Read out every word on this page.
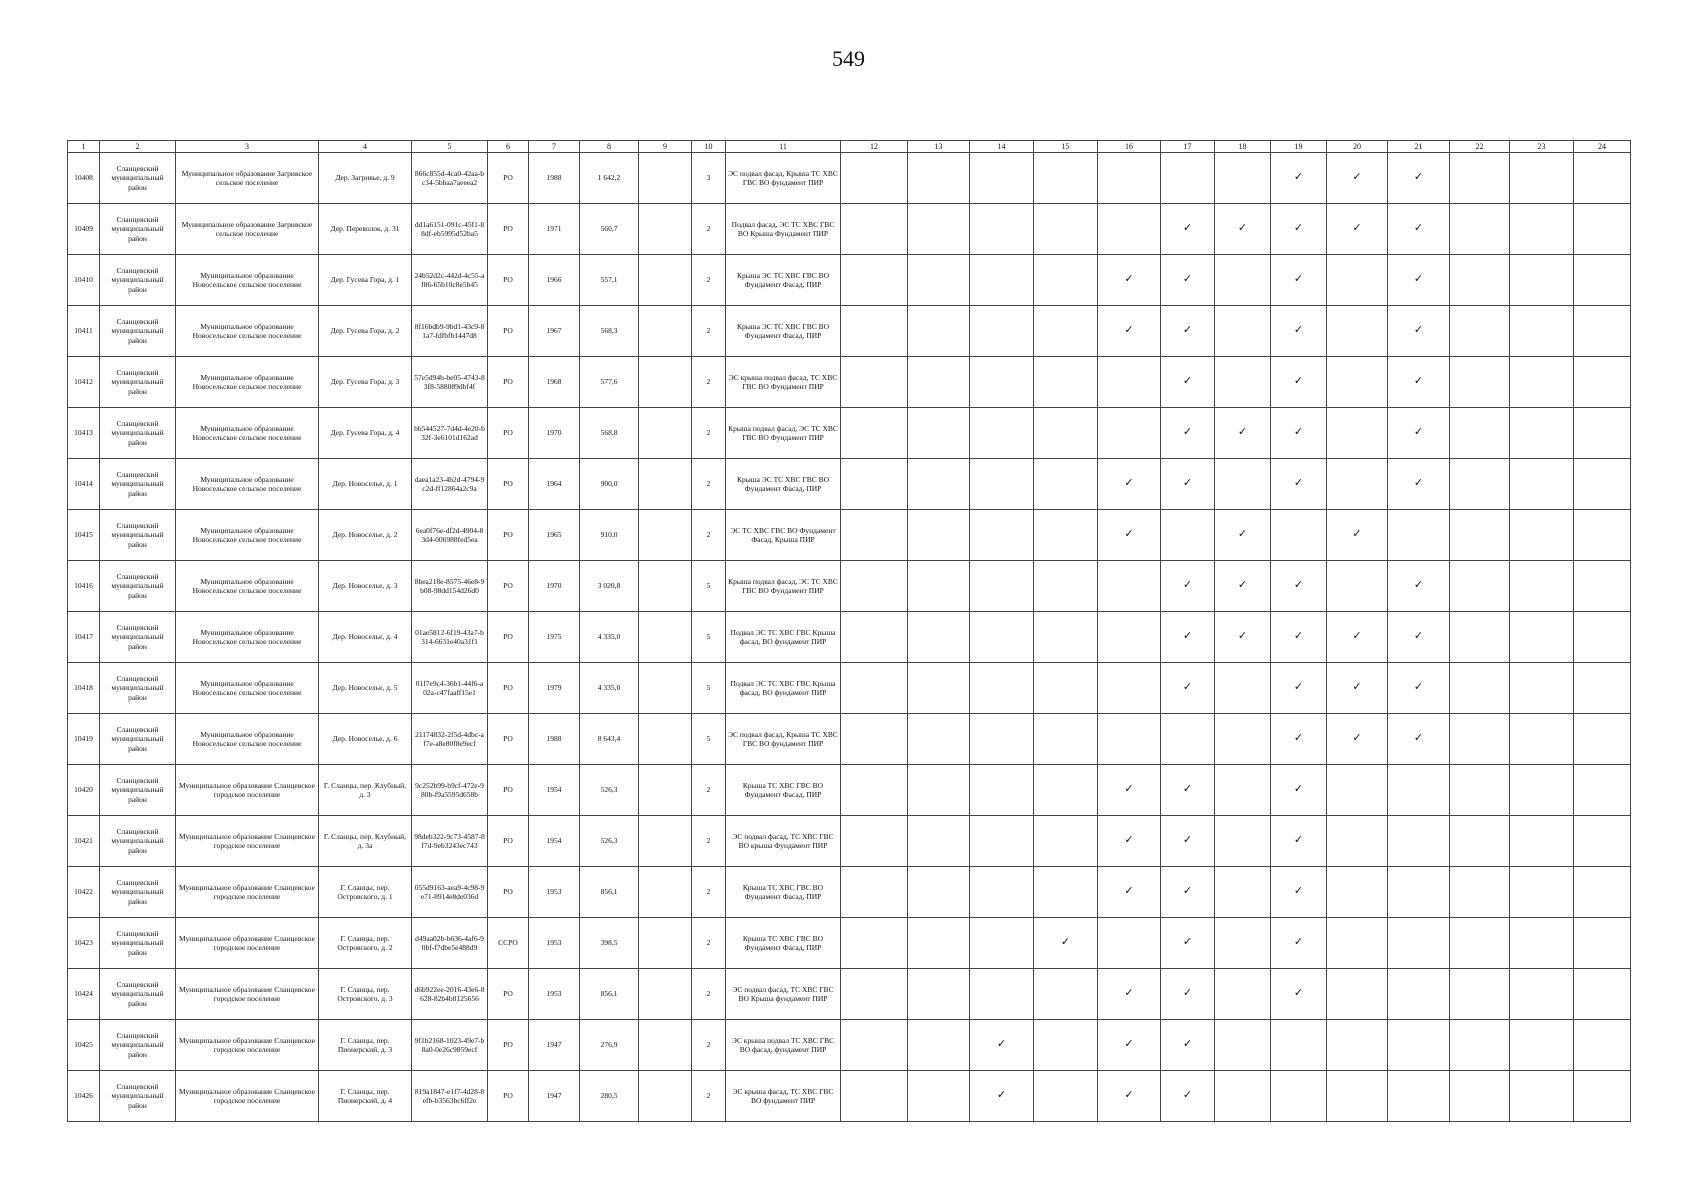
549
1	2	3	4	5	6	7	8	9	10	11	12	13	14	15	16	17	18	19	20	21	22	23	24
10408	Сланцевский муниципальный район	Муниципальное образование Загривское сельское поселение	Дер. Загривье, д. 9	866c855d-4ca0-42aa-bc34-5bbaa7aeeea2	РО	1988	1 642,2		3	ЭС подвал фасад, Крыша ТС ХВС ГВС ВО фундамент ПИР								✓	✓	✓			
10409	Сланцевский муниципальный район	Муниципальное образование Загривское сельское поселение	Дер. Переволок, д. 31	dd1a6151-091c-45f1-88df-eb5995d52ba5	РО	1971	560,7		2	Подвал фасад, ЭС ТС ХВС ГВС ВО Крыша Фундамент ПИР						✓	✓	✓	✓	✓			
10410	Сланцевский муниципальный район	Муниципальное образование Новосельское сельское поселение	Дер. Гусева Гора, д. 1	24b52d2c-442d-4c55-af86-65b10c8e5b45	РО	1966	557,1		2	Крыша ЭС ТС ХВС ГВС ВО Фундамент Фасад, ПИР					✓	✓		✓		✓			
10411	Сланцевский муниципальный район	Муниципальное образование Новосельское сельское поселение	Дер. Гусева Гора, д. 2	8f16bdb9-9bd1-43c9-81a7-fdfbfb1447d8	РО	1967	568,3		2	Крыша ЭС ТС ХВС ГВС ВО Фундамент Фасад, ПИР					✓	✓		✓		✓			
10412	Сланцевский муниципальный район	Муниципальное образование Новосельское сельское поселение	Дер. Гусева Гора, д. 3	57e5d94b-be05-4743-83f8-588089dbf4f	РО	1968	577,6		2	ЭС крыша подвал фасад, ТС ХВС ГВС ВО Фундамент ПИР						✓		✓		✓			
10413	Сланцевский муниципальный район	Муниципальное образование Новосельское сельское поселение	Дер. Гусева Гора, д. 4	bb544527-7d4d-4e20-b32f-3e6101d162ad	РО	1970	568,8		2	Крыша подвал фасад, ЭС ТС ХВС ГВС ВО Фундамент ПИР						✓	✓	✓		✓			
10414	Сланцевский муниципальный район	Муниципальное образование Новосельское сельское поселение	Дер. Новоселье, д. 1	daea1a23-4b2d-4794-9c2d-ff12864a2c9a	РО	1964	900,0		2	Крыша ЭС ТС ХВС ГВС ВО Фундамент Фасад, ПИР					✓	✓		✓		✓			
10415	Сланцевский муниципальный район	Муниципальное образование Новосельское сельское поселение	Дер. Новоселье, д. 2	6ea0f76e-df2d-4904-83d4-006988fed5ea	РО	1965	910,0		2	ЭС ТС ХВС ГВС ВО Фундамент Фасад, Крыша ПИР					✓		✓		✓				
10416	Сланцевский муниципальный район	Муниципальное образование Новосельское сельское поселение	Дер. Новоселье, д. 3	8bea218e-8575-46e8-9b08-98dd154d26d0	РО	1970	3 020,8		5	Крыша подвал фасад, ЭС ТС ХВС ГВС ВО Фундамент ПИР						✓	✓	✓		✓			
10417	Сланцевский муниципальный район	Муниципальное образование Новосельское сельское поселение	Дер. Новоселье, д. 4	01ae5812-6f19-43a7-b314-6631e40a31f1	РО	1975	4 335,0		5	Подвал ЭС ТС ХВС ГВС Крыша фасад, ВО фундамент ПИР						✓	✓	✓	✓	✓			
10418	Сланцевский муниципальный район	Муниципальное образование Новосельское сельское поселение	Дер. Новоселье, д. 5	01f7e9c4-36b1-44f6-a02a-c47faaff15e1	РО	1979	4 335,0		5	Подвал ЭС ТС ХВС ГВС Крыша фасад, ВО фундамент ПИР						✓		✓	✓	✓			
10419	Сланцевский муниципальный район	Муниципальное образование Новосельское сельское поселение	Дер. Новоселье, д. 6	21174832-2f5d-4dbc-af7e-a8e80f8e9ecf	РО	1988	8 643,4		5	ЭС подвал фасад, Крыша ТС ХВС ГВС ВО фундамент ПИР								✓	✓	✓			
10420	Сланцевский муниципальный район	Муниципальное образование Сланцевское городское поселение	Г. Сланцы, пер. Клубный, д. 3	9c252b99-b9cf-472e-980b-f9a5595d658b	РО	1954	526,3		2	Крыша ТС ХВС ГВС ВО Фундамент Фасад, ПИР					✓	✓		✓					
10421	Сланцевский муниципальный район	Муниципальное образование Сланцевское городское поселение	Г. Сланцы, пер. Клубный, д. 3а	98deb322-9c73-4587-8f7d-9eb3243ec743	РО	1954	526,3		2	ЭС подвал фасад, ТС ХВС ГВС ВО крыша Фундамент ПИР					✓	✓		✓					
10422	Сланцевский муниципальный район	Муниципальное образование Сланцевское городское поселение	Г. Сланцы, пер. Островского, д. 1	055d9163-aea9-4c98-9e71-8914e8de036d	РО	1953	856,1		2	Крыша ТС ХВС ГВС ВО Фундамент Фасад, ПИР					✓	✓		✓					
10423	Сланцевский муниципальный район	Муниципальное образование Сланцевское городское поселение	Г. Сланцы, пер. Островского, д. 2	d49aa02b-b636-4af6-90bf-f7dbe5e488d9	ССРО	1953	398,5		2	Крыша ТС ХВС ГВС ВО Фундамент Фасад, ПИР				✓		✓		✓					
10424	Сланцевский муниципальный район	Муниципальное образование Сланцевское городское поселение	Г. Сланцы, пер. Островского, д. 3	d6b922ee-2016-43e6-8628-82b4b8125656	РО	1953	856,1		2	ЭС подвал фасад, ТС ХВС ГВС ВО Крыша фундамент ПИР					✓	✓		✓					
10425	Сланцевский муниципальный район	Муниципальное образование Сланцевское городское поселение	Г. Сланцы, пер. Пионерский, д. 3	9f1b2168-1023-49e7-b8a0-0e26c9859ecf	РО	1947	276,9		2	ЭС крыша подвал ТС ХВС ГВС ВО фасад, фундамент ПИР			✓		✓	✓							
10426	Сланцевский муниципальный район	Муниципальное образование Сланцевское городское поселение	Г. Сланцы, пер. Пионерский, д. 4	819a1847-e1f7-4d28-8efb-b3563bc6ff2e	РО	1947	280,5		2	ЭС крыша фасад, ТС ХВС ГВС ВО фундамент ПИР			✓		✓	✓							
